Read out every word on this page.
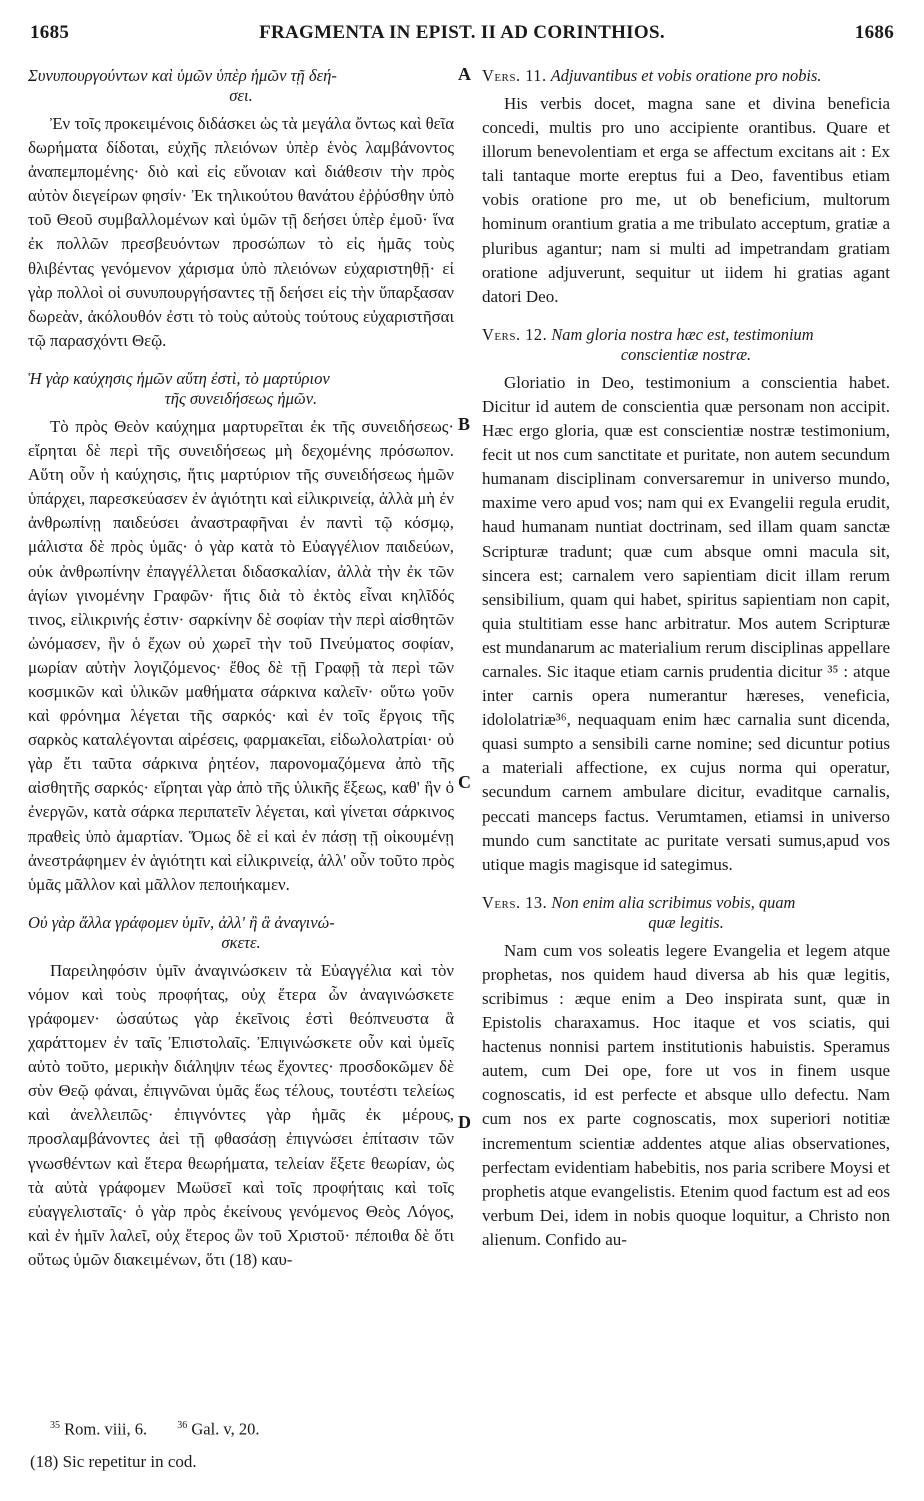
1685	FRAGMENTA IN EPIST. II AD CORINTHIOS.	1686
Συνυπουργούντων καὶ ὑμῶν ὑπὲρ ἡμῶν τῇ δεή-
σει.

Ἐν τοῖς προκειμένοις διδάσκει ὡς τὰ μεγάλα ὄντως καὶ θεῖα δωρήματα δίδοται, εὐχῆς πλειόνων ὑπὲρ ἑνὸς λαμβάνοντος ἀναπεμπομένης· διὸ καὶ εἰς εὔνοιαν καὶ διάθεσιν τὴν πρὸς αὐτὸν διεγείρων φησίν· Ἐκ τηλικούτου θανάτου ἐῤῥύσθην ὑπὸ τοῦ Θεοῦ συμβαλλομένων καὶ ὑμῶν τῇ δεήσει ὑπὲρ ἐμοῦ· ἵνα ἐκ πολλῶν πρεσβευόντων προσώπων τὸ εἰς ἡμᾶς τοὺς θλιβέντας γενόμενον χάρισμα ὑπὸ πλειόνων εὐχαριστηθῇ· εἰ γὰρ πολλοὶ οἱ συνυπουργήσαντες τῇ δεήσει εἰς τὴν ὕπαρξασαν δωρεὰν, ἀκόλουθόν ἐστι τὸ τοὺς αὐτοὺς τούτους εὐχαριστῆσαι τῷ παρασχόντι Θεῷ.

Ἡ γὰρ καύχησις ἡμῶν αὕτη ἐστὶ, τὸ μαρτύριον
τῆς συνειδήσεως ἡμῶν.

Τὸ πρὸς Θεὸν καύχημα μαρτυρεῖται ἐκ τῆς συνειδήσεως· εἴρηται δὲ περὶ τῆς συνειδήσεως μὴ δεχομένης πρόσωπον. Αὕτη οὖν ἡ καύχησις, ἥτις μαρτύριον τῆς συνειδήσεως ἡμῶν ὑπάρχει, παρεσκεύασεν ἐν ἁγιότητι καὶ εἰλικρινείᾳ, ἀλλὰ μὴ ἐν ἀνθρωπίνῃ παιδεύσει ἀναστραφῆναι ἐν παντὶ τῷ κόσμῳ, μάλιστα δὲ πρὸς ὑμᾶς· ὁ γὰρ κατὰ τὸ Εὐαγγέλιον παιδεύων, οὐκ ἀνθρωπίνην ἐπαγγέλλεται διδασκαλίαν, ἀλλὰ τὴν ἐκ τῶν ἁγίων γινομένην Γραφῶν· ἥτις διὰ τὸ ἐκτὸς εἶναι κηλῖδός τινος, εἰλικρινής ἐστιν· σαρκίνην δὲ σοφίαν τὴν περὶ αἰσθητῶν ὠνόμασεν, ἣν ὁ ἔχων οὐ χωρεῖ τὴν τοῦ Πνεύματος σοφίαν, μωρίαν αὐτὴν λογιζόμενος· ἔθος δὲ τῇ Γραφῇ τὰ περὶ τῶν κοσμικῶν καὶ ὑλικῶν μαθήματα σάρκινα καλεῖν· οὕτω γοῦν καὶ φρόνημα λέγεται τῆς σαρκός· καὶ ἐν τοῖς ἔργοις τῆς σαρκὸς καταλέγονται αἱρέσεις, φαρμακεῖαι, εἰδωλολατρίαι· οὐ γὰρ ἔτι ταῦτα σάρκινα ῥητέον, παρονομαζόμενα ἀπὸ τῆς αἰσθητῆς σαρκός· εἴρηται γὰρ ἀπὸ τῆς ὑλικῆς ἕξεως, καθ' ἣν ὁ ἐνεργῶν, κατὰ σάρκα περιπατεῖν λέγεται, καὶ γίνεται σάρκινος πραθεὶς ὑπὸ ἁμαρτίαν. Ὅμως δὲ εἰ καὶ ἐν πάσῃ τῇ οἰκουμένῃ ἀνεστράφημεν ἐν ἁγιότητι καὶ εἰλικρινείᾳ, ἀλλ' οὖν τοῦτο πρὸς ὑμᾶς μᾶλλον καὶ μᾶλλον πεποιήκαμεν.

Οὐ γὰρ ἄλλα γράφομεν ὑμῖν, ἀλλ' ἢ ἃ ἀναγινώ-
σκετε.

Παρειληφόσιν ὑμῖν ἀναγινώσκειν τὰ Εὐαγγέλια καὶ τὸν νόμον καὶ τοὺς προφήτας, οὐχ ἕτερα ὧν ἀναγινώσκετε γράφομεν· ὡσαύτως γὰρ ἐκεῖνοις ἐστὶ θεόπνευστα ἃ χαράττομεν ἐν ταῖς Ἐπιστολαῖς. Ἐπιγινώσκετε οὖν καὶ ὑμεῖς αὐτὸ τοῦτο, μερικὴν διάληψιν τέως ἔχοντες· προσδοκῶμεν δὲ σὺν Θεῷ φάναι, ἐπιγνῶναι ὑμᾶς ἕως τέλους, τουτέστι τελείως καὶ ἀνελλειπῶς· ἐπιγνόντες γὰρ ἡμᾶς ἐκ μέρους, προσλαμβάνοντες ἀεὶ τῇ φθασάσῃ ἐπιγνώσει ἐπίτασιν τῶν γνωσθέντων καὶ ἕτερα θεωρήματα, τελείαν ἕξετε θεωρίαν, ὡς τὰ αὐτὰ γράφομεν Μωϋσεῖ καὶ τοῖς προφήταις καὶ τοῖς εὐαγγελισταῖς· ὁ γὰρ πρὸς ἐκείνους γενόμενος Θεὸς Λόγος, καὶ ἐν ἡμῖν λαλεῖ, οὐχ ἕτερος ὢν τοῦ Χριστοῦ· πέποιθα δὲ ὅτι οὕτως ὑμῶν διακειμένων, ὅτι (18) καυ-

A
B
C
D
Vers. 11. Adjuvantibus et vobis oratione pro nobis.

His verbis docet, magna sane et divina beneficia concedi, multis pro uno accipiente orantibus. Quare et illorum benevolentiam et erga se affectum excitans ait : Ex tali tantaque morte ereptus fui a Deo, faventibus etiam vobis oratione pro me, ut ob beneficium, multorum hominum orantium gratia a me tribulato acceptum, gratiæ a pluribus agantur; nam si multi ad impetrandam gratiam oratione adjuverunt, sequitur ut iidem hi gratias agant datori Deo.

Vers. 12. Nam gloria nostra hæc est, testimonium
conscientiæ nostræ.

Gloriatio in Deo, testimonium a conscientia habet. Dicitur id autem de conscientia quæ personam non accipit. Hæc ergo gloria, quæ est conscientiæ nostræ testimonium, fecit ut nos cum sanctitate et puritate, non autem secundum humanam disciplinam conversaremur in universo mundo, maxime vero apud vos; nam qui ex Evangelii regula erudit, haud humanam nuntiat doctrinam, sed illam quam sanctæ Scripturæ tradunt; quæ cum absque omni macula sit, sincera est; carnalem vero sapientiam dicit illam rerum sensibilium, quam qui habet, spiritus sapientiam non capit, quia stultitiam esse hanc arbitratur. Mos autem Scripturæ est mundanarum ac materialium rerum disciplinas appellare carnales. Sic itaque etiam carnis prudentia dicitur ³⁵ : atque inter carnis opera numerantur hæreses, veneficia, idololatriæ³⁶, nequaquam enim hæc carnalia sunt dicenda, quasi sumpto a sensibili carne nomine; sed dicuntur potius a materiali affectione, ex cujus norma qui operatur, secundum carnem ambulare dicitur, evaditque carnalis, peccati manceps factus. Verumtamen, etiamsi in universo mundo cum sanctitate ac puritate versati sumus,apud vos utique magis magisque id sategimus.

Vers. 13. Non enim alia scribimus vobis, quam
quæ legitis.

Nam cum vos soleatis legere Evangelia et legem atque prophetas, nos quidem haud diversa ab his quæ legitis, scribimus : æque enim a Deo inspirata sunt, quæ in Epistolis charaxamus. Hoc itaque et vos sciatis, qui hactenus nonnisi partem institutionis habuistis. Speramus autem, cum Dei ope, fore ut vos in finem usque cognoscatis, id est perfecte et absque ullo defectu. Nam cum nos ex parte cognoscatis, mox superiori notitiæ incrementum scientiæ addentes atque alias observationes, perfectam evidentiam habebitis, nos paria scribere Moysi et prophetis atque evangelistis. Etenim quod factum est ad eos verbum Dei, idem in nobis quoque loquitur, a Christo non alienum. Confido au-

$^{35}$ Rom. viii, 6.	$^{36}$ Gal. v, 20.
(18) Sic repetitur in cod.
